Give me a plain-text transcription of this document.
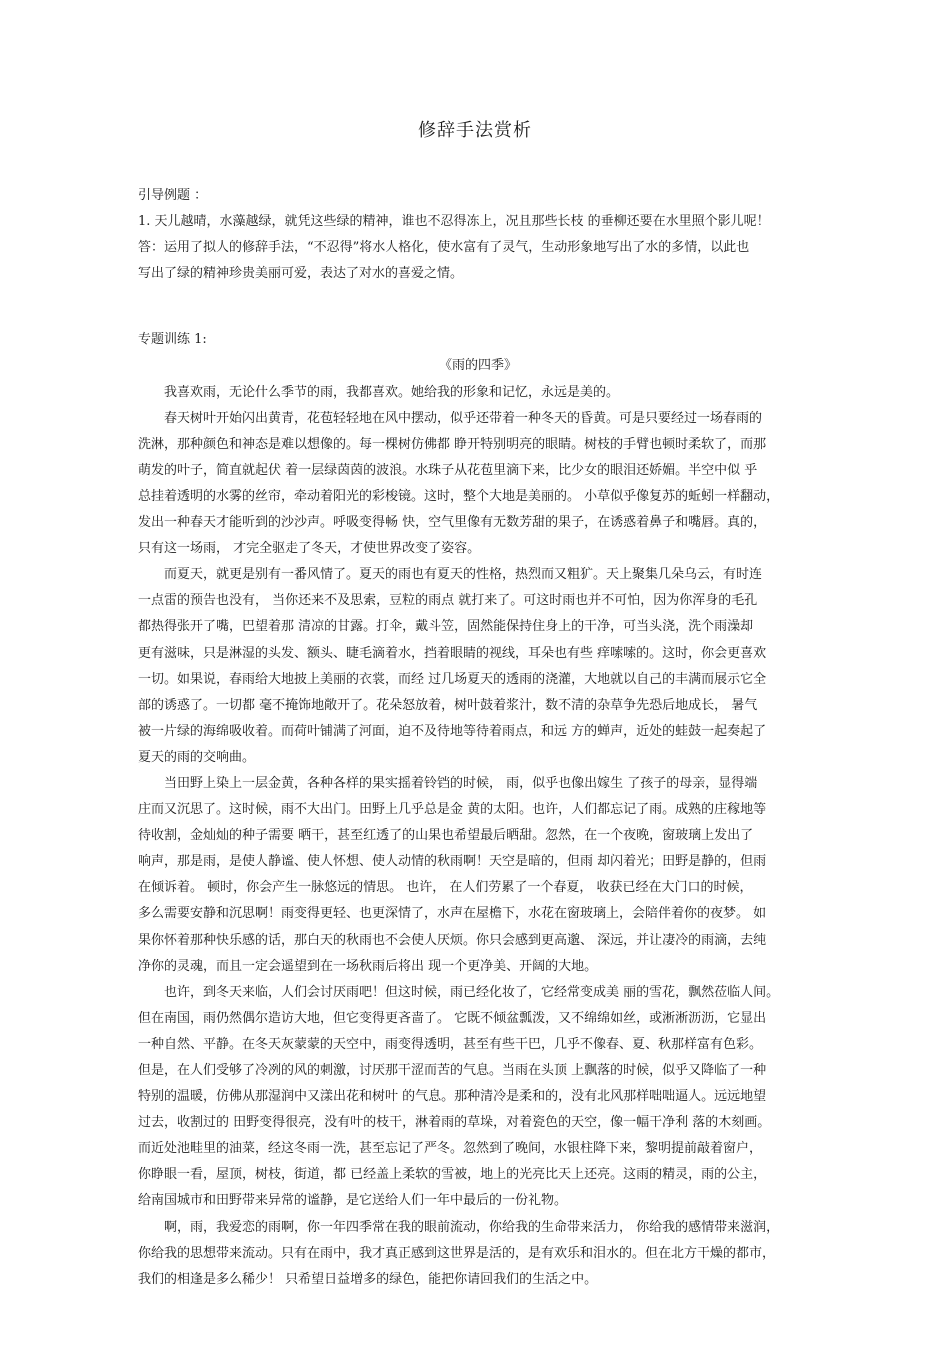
修辞手法赏析

引导例题 ：

1. 天儿越晴，水藻越绿，就凭这些绿的精神，谁也不忍得冻上，况且那些长枝 的垂柳还要在水里照个影儿呢！

答：运用了拟人的修辞手法，“不忍得”将水人格化，使水富有了灵气，生动形象地写出了水的多情，以此也

写出了绿的精神珍贵美丽可爱，表达了对水的喜爱之情。

专题训练 1:

《雨的四季》

我喜欢雨，无论什么季节的雨，我都喜欢。她给我的形象和记忆，永远是美的。

春天树叶开始闪出黄青，花苞轻轻地在风中摆动，似乎还带着一种冬天的昏黄。可是只要经过一场春雨的

洗淋，那种颜色和神态是难以想像的。每一棵树仿佛都 睁开特别明亮的眼睛。树枝的手臂也顿时柔软了，而那

萌发的叶子，简直就起伏 着一层绿茵茵的波浪。水珠子从花苞里滴下来，比少女的眼泪还娇媚。半空中似 乎

总挂着透明的水雾的丝帘，牵动着阳光的彩梭镜。这时，整个大地是美丽的。 小草似乎像复苏的蚯蚓一样翻动，

发出一种春天才能听到的沙沙声。呼吸变得畅 快，空气里像有无数芳甜的果子，在诱惑着鼻子和嘴唇。真的，

只有这一场雨， 才完全驱走了冬天，才使世界改变了姿容。

而夏天，就更是别有一番风情了。夏天的雨也有夏天的性格，热烈而又粗犷。天上聚集几朵乌云，有时连

一点雷的预告也没有， 当你还来不及思索，豆粒的雨点 就打来了。可这时雨也并不可怕，因为你浑身的毛孔

都热得张开了嘴，巴望着那 清凉的甘露。打伞，戴斗笠，固然能保持住身上的干净，可当头浇，洗个雨澡却

更有滋味，只是淋湿的头发、额头、睫毛滴着水，挡着眼睛的视线，耳朵也有些 痒嗦嗦的。这时，你会更喜欢

一切。如果说，春雨给大地披上美丽的衣裳，而经 过几场夏天的透雨的浇灌，大地就以自己的丰满而展示它全

部的诱惑了。一切都 毫不掩饰地敞开了。花朵怒放着，树叶鼓着浆汁，数不清的杂草争先恐后地成长， 暑气

被一片绿的海绵吸收着。而荷叶铺满了河面，迫不及待地等待着雨点，和远 方的蝉声，近处的蛙鼓一起奏起了

夏天的雨的交响曲。

当田野上染上一层金黄，各种各样的果实摇着铃铛的时候， 雨，似乎也像出嫁生 了孩子的母亲，显得端

庄而又沉思了。这时候，雨不大出门。田野上几乎总是金 黄的太阳。也许，人们都忘记了雨。成熟的庄稼地等

待收割，金灿灿的种子需要 晒干，甚至红透了的山果也希望最后晒甜。忽然，在一个夜晚，窗玻璃上发出了

响声，那是雨，是使人静谧、使人怀想、使人动情的秋雨啊！天空是暗的，但雨 却闪着光；田野是静的，但雨

在倾诉着。 顿时，你会产生一脉悠远的情思。 也许， 在人们劳累了一个春夏， 收获已经在大门口的时候，

多么需要安静和沉思啊！雨变得更轻、也更深情了，水声在屋檐下，水花在窗玻璃上，会陪伴着你的夜梦。 如

果你怀着那种快乐感的话，那白天的秋雨也不会使人厌烦。你只会感到更高邈、 深远，并让凄冷的雨滴，去纯

净你的灵魂，而且一定会遥望到在一场秋雨后将出 现一个更净美、开阔的大地。

也许，到冬天来临，人们会讨厌雨吧！但这时候，雨已经化妆了，它经常变成美 丽的雪花，飘然莅临人间。

但在南国，雨仍然偶尔造访大地，但它变得更吝啬了。 它既不倾盆瓢泼，又不绵绵如丝，或淅淅沥沥，它显出

一种自然、平静。在冬天灰蒙蒙的天空中，雨变得透明，甚至有些干巴，几乎不像春、夏、秋那样富有色彩。

但是，在人们受够了冷冽的风的刺激，讨厌那干涩而苦的气息。当雨在头顶 上飘落的时候，似乎又降临了一种

特别的温暖，仿佛从那湿润中又漾出花和树叶 的气息。那种清冷是柔和的，没有北风那样咄咄逼人。远远地望

过去，收割过的 田野变得很亮，没有叶的枝干，淋着雨的草垛，对着瓷色的天空，像一幅干净利 落的木刻画。

而近处池畦里的油菜，经这冬雨一洗，甚至忘记了严冬。忽然到了晚间，水银柱降下来，黎明提前敲着窗户，

你睁眼一看，屋顶，树枝，街道，都 已经盖上柔软的雪被，地上的光亮比天上还亮。这雨的精灵，雨的公主，

给南国城市和田野带来异常的谧静，是它送给人们一年中最后的一份礼物。

啊，雨，我爱恋的雨啊，你一年四季常在我的眼前流动，你给我的生命带来活力， 你给我的感情带来滋润，

你给我的思想带来流动。只有在雨中，我才真正感到这世界是活的，是有欢乐和泪水的。但在北方干燥的都市，

我们的相逢是多么稀少！ 只希望日益增多的绿色，能把你请回我们的生活之中。
